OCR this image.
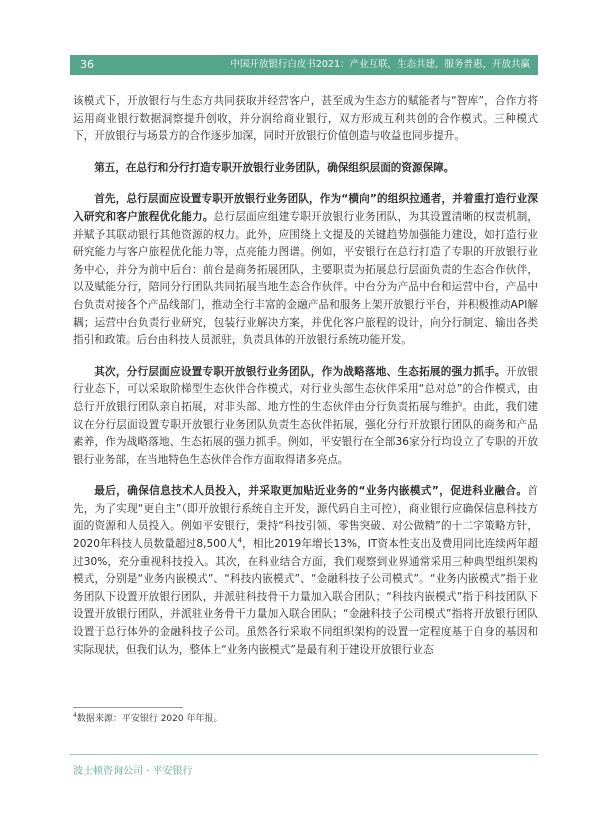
36	中国开放银行白皮书2021：产业互联，生态共建，服务普惠，开放共赢

该模式下，开放银行与生态方共同获取并经营客户，甚至成为生态方的赋能者与“智库”，合作方将运用商业银行数据洞察提升创收，并分润给商业银行，双方形成互利共创的合作模式。三种模式下，开放银行与场景方的合作逐步加深，同时开放银行价值创造与收益也同步提升。

第五，在总行和分行打造专职开放银行业务团队，确保组织层面的资源保障。

首先，总行层面应设置专职开放银行业务团队，作为“横向”的组织拉通者，并着重打造行业深入研究和客户旅程优化能力。总行层面应组建专职开放银行业务团队，为其设置清晰的权责机制，并赋予其联动银行其他资源的权力。此外，应围绕上文提及的关键趋势加强能力建设，如打造行业研究能力与客户旅程优化能力等，点亮能力图谱。例如，平安银行在总行打造了专职的开放银行业务中心，并分为前中后台：前台是商务拓展团队，主要职责为拓展总行层面负责的生态合作伙伴，以及赋能分行，陪同分行团队共同拓展当地生态合作伙伴。中台分为产品中台和运营中台，产品中台负责对接各个产品线部门，推动全行丰富的金融产品和服务上架开放银行平台，并积极推动API解耦；运营中台负责行业研究，包装行业解决方案，并优化客户旅程的设计，向分行制定、输出各类指引和政策。后台由科技人员派驻，负责具体的开放银行系统功能开发。

其次，分行层面应设置专职开放银行业务团队，作为战略落地、生态拓展的强力抓手。开放银行业态下，可以采取阶梯型生态伙伴合作模式，对行业头部生态伙伴采用“总对总”的合作模式，由总行开放银行团队亲自拓展，对非头部、地方性的生态伙伴由分行负责拓展与维护。由此，我们建议在分行层面设置专职开放银行业务团队负责生态伙伴拓展，强化分行开放银行团队的商务和产品素养，作为战略落地、生态拓展的强力抓手。例如，平安银行在全部36家分行均设立了专职的开放银行业务部，在当地特色生态伙伴合作方面取得诸多亮点。

最后，确保信息技术人员投入，并采取更加贴近业务的“业务内嵌模式”，促进科业融合。首先，为了实现“更自主”（即开放银行系统自主开发，源代码自主可控），商业银行应确保信息科技方面的资源和人员投入。例如平安银行，秉持“科技引领、零售突破、对公做精”的十二字策略方针，2020年科技人员数量超过8,500人$^4$，相比2019年增长13%，IT资本性支出及费用同比连续两年超过30%，充分重视科技投入。其次，在科业结合方面，我们观察到业界通常采用三种典型组织架构模式，分别是“业务内嵌模式”、“科技内嵌模式”、“金融科技子公司模式”。“业务内嵌模式”指于业务团队下设置开放银行团队，并派驻科技骨干力量加入联合团队；“科技内嵌模式”指于科技团队下设置开放银行团队，并派驻业务骨干力量加入联合团队；“金融科技子公司模式”指将开放银行团队设置于总行体外的金融科技子公司。虽然各行采取不同组织架构的设置一定程度基于自身的基因和实际现状，但我们认为，整体上“业务内嵌模式”是最有利于建设开放银行业态

$^4$数据来源：平安银行 2020 年年报。
波士顿咨询公司 · 平安银行
